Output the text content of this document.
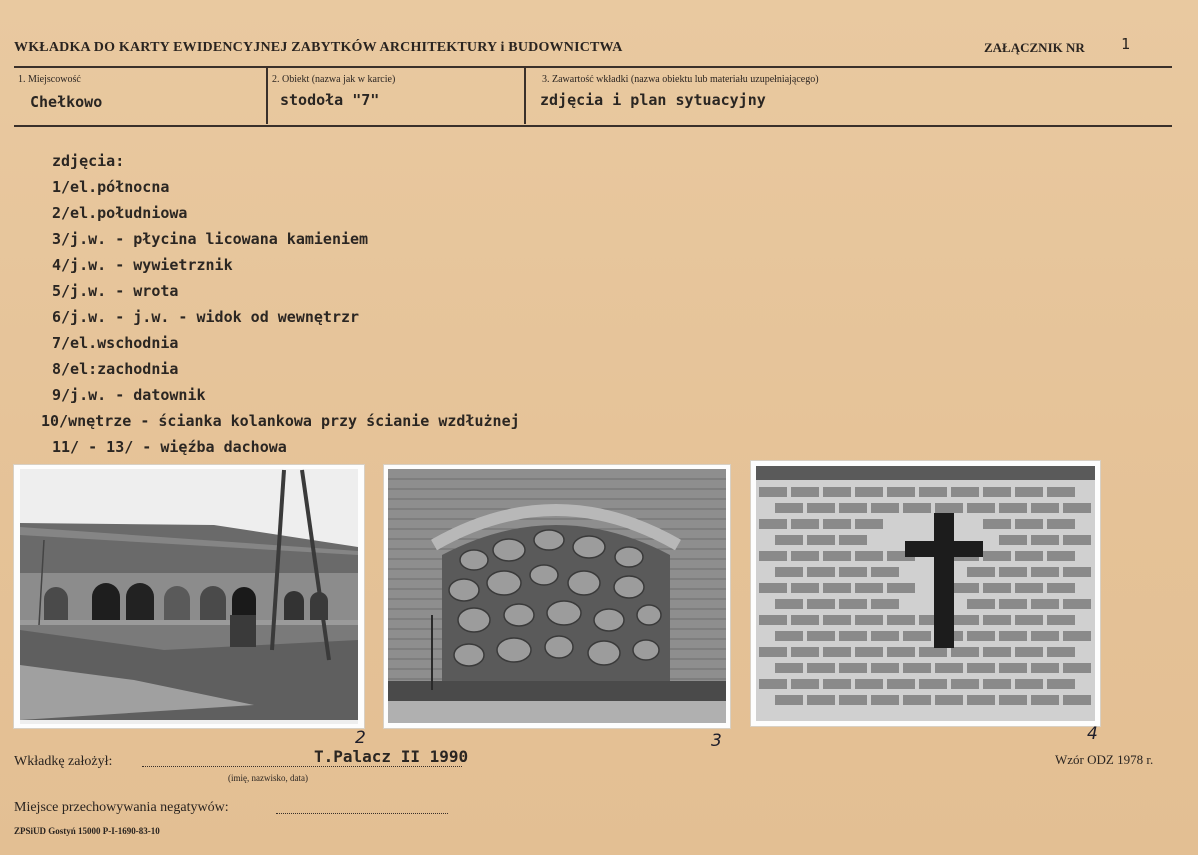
WKŁADKA DO KARTY EWIDENCYJNEJ ZABYTKÓW ARCHITEKTURY i BUDOWNICTWA	ZAŁĄCZNIK NR 1
1. Miejscowość
Chełkowo
2. Obiekt (nazwa jak w karcie)
stodoła "7"
3. Zawartość wkładki (nazwa obiektu lub materiału uzupełniającego)
zdjęcia i plan sytuacyjny
zdjęcia:
1/el.północna
2/el.południowa
3/j.w. - płycina licowana kamieniem
4/j.w. - wywietrznik
5/j.w. - wrota
6/j.w. - j.w. - widok od wewnętrzr
7/el.wschodnia
8/el:zachodnia
9/j.w. - datownik
10/wnętrze - ścianka kolankowa przy ścianie wzdłużnej
11/ - 13/ - więźba dachowa
2	3	4
Wkładkę założył:	T.Palacz II 1990
(imię, nazwisko, data)
Wzór ODZ 1978 r.
Miejsce przechowywania negatywów:
ZPSiUD Gostyń 15000 P-I-1690-83-10
